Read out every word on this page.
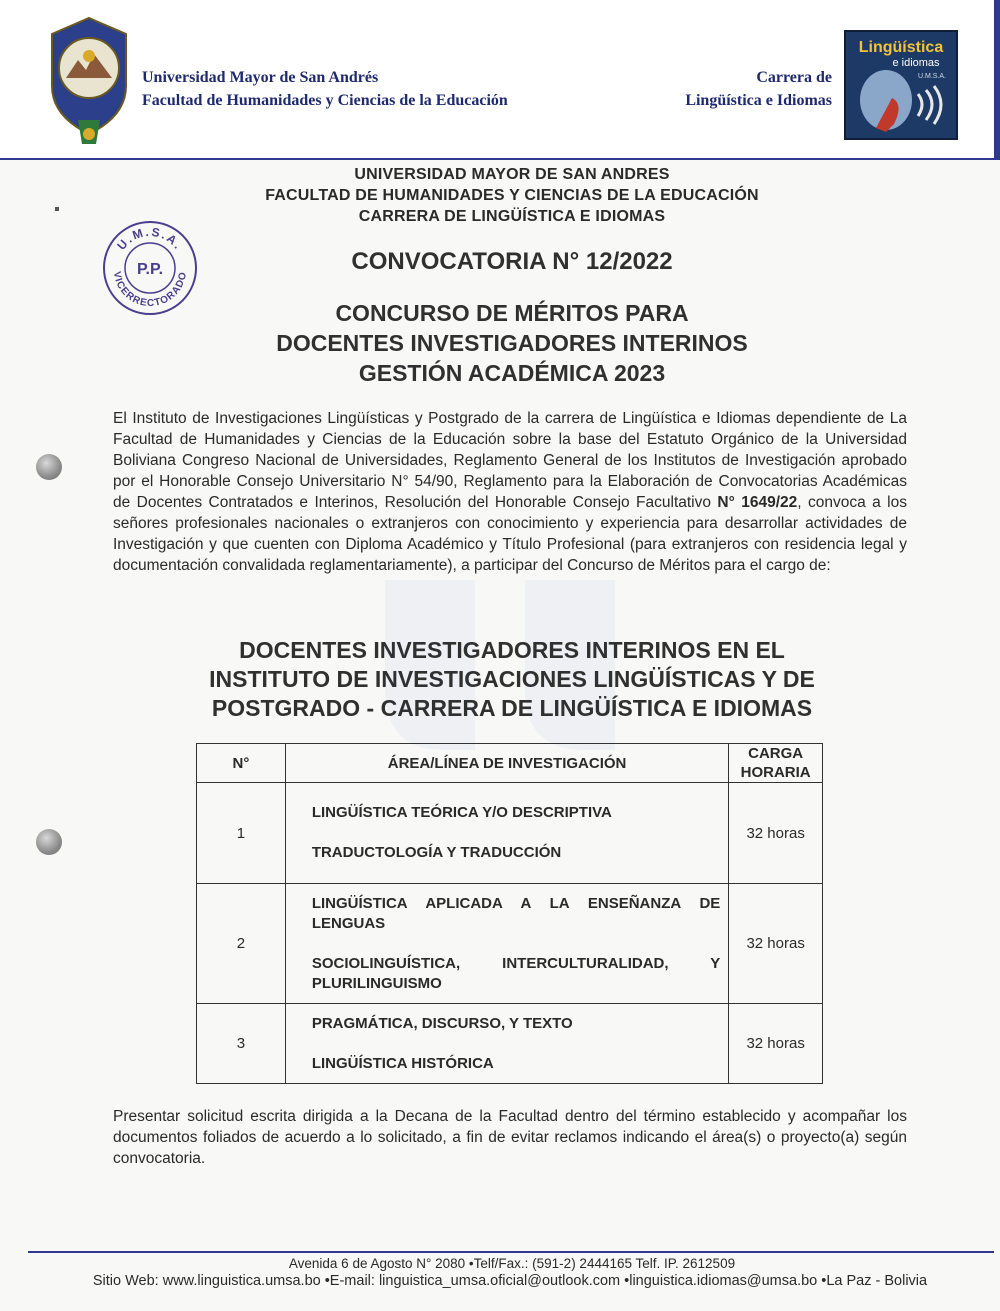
Universidad Mayor de San Andrés
Facultad de Humanidades y Ciencias de la Educación
Carrera de
Lingüística e Idiomas
Lingüística
e idiomas
U.M.S.A.
UNIVERSIDAD MAYOR DE SAN ANDRES
FACULTAD DE HUMANIDADES Y CIENCIAS DE LA EDUCACIÓN
CARRERA DE LINGÜÍSTICA E IDIOMAS
U.M.S.A.
P.P.
VICERRECTORADO
CONVOCATORIA N° 12/2022
CONCURSO DE MÉRITOS PARA
DOCENTES INVESTIGADORES INTERINOS
GESTIÓN ACADÉMICA 2023
El Instituto de Investigaciones Lingüísticas y Postgrado de la carrera de Lingüística e Idiomas dependiente de La Facultad de Humanidades y Ciencias de la Educación sobre la base del Estatuto Orgánico de la Universidad Boliviana Congreso Nacional de Universidades, Reglamento General de los Institutos de Investigación aprobado por el Honorable Consejo Universitario N° 54/90, Reglamento para la Elaboración de Convocatorias Académicas de Docentes Contratados e Interinos, Resolución del Honorable Consejo Facultativo N° 1649/22, convoca a los señores profesionales nacionales o extranjeros con conocimiento y experiencia para desarrollar actividades de Investigación y que cuenten con Diploma Académico y Título Profesional (para extranjeros con residencia legal y documentación convalidada reglamentariamente), a participar del Concurso de Méritos para el cargo de:
DOCENTES INVESTIGADORES INTERINOS EN EL
INSTITUTO DE INVESTIGACIONES LINGÜÍSTICAS Y DE
POSTGRADO - CARRERA DE LINGÜÍSTICA E IDIOMAS
N°	ÁREA/LÍNEA DE INVESTIGACIÓN	CARGA
HORARIA

1	LINGÜÍSTICA TEÓRICA Y/O DESCRIPTIVA

TRADUCTOLOGÍA Y TRADUCCIÓN	32 horas
2	LINGÜÍSTICA APLICADA A LA ENSEÑANZA DE LENGUAS

SOCIOLINGUÍSTICA, INTERCULTURALIDAD, Y PLURILINGUISMO	32 horas
3	PRAGMÁTICA, DISCURSO, Y TEXTO

LINGÜÍSTICA HISTÓRICA	32 horas
Presentar solicitud escrita dirigida a la Decana de la Facultad dentro del término establecido y acompañar los documentos foliados de acuerdo a lo solicitado, a fin de evitar reclamos indicando el área(s) o proyecto(a) según convocatoria.
Avenida 6 de Agosto N° 2080 •Telf/Fax.: (591-2) 2444165 Telf. IP. 2612509
Sitio Web: www.linguistica.umsa.bo •E-mail: linguistica_umsa.oficial@outlook.com •linguistica.idiomas@umsa.bo •La Paz - Bolivia
